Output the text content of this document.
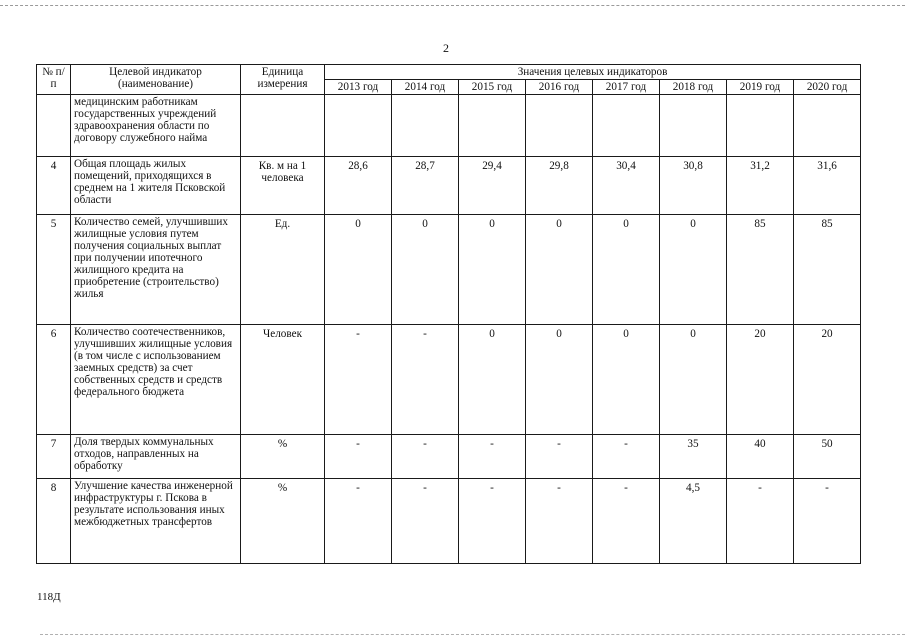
2
№ п/п	Целевой индикатор (наименование)	Единица измерения	Значения целевых индикаторов							
			2013 год	2014 год	2015 год	2016 год	2017 год	2018 год	2019 год	2020 год
	медицинским работникам государственных учреждений здравоохранения области по договору служебного найма									
4	Общая площадь жилых помещений, приходящихся в среднем на 1 жителя Псковской области	Кв. м на 1 человека	28,6	28,7	29,4	29,8	30,4	30,8	31,2	31,6
5	Количество семей, улучшивших жилищные условия путем получения социальных выплат при получении ипотечного жилищного кредита на приобретение (строительство) жилья	Ед.	0	0	0	0	0	0	85	85
6	Количество соотечественников, улучшивших жилищные условия (в том числе с использованием заемных средств) за счет собственных средств и средств федерального бюджета	Человек	-	-	0	0	0	0	20	20
7	Доля твердых коммунальных отходов, направленных на обработку	%	-	-	-	-	-	35	40	50
8	Улучшение качества инженерной инфраструктуры г. Пскова в результате использования иных межбюджетных трансфертов	%	-	-	-	-	-	4,5	-	-
118Д
